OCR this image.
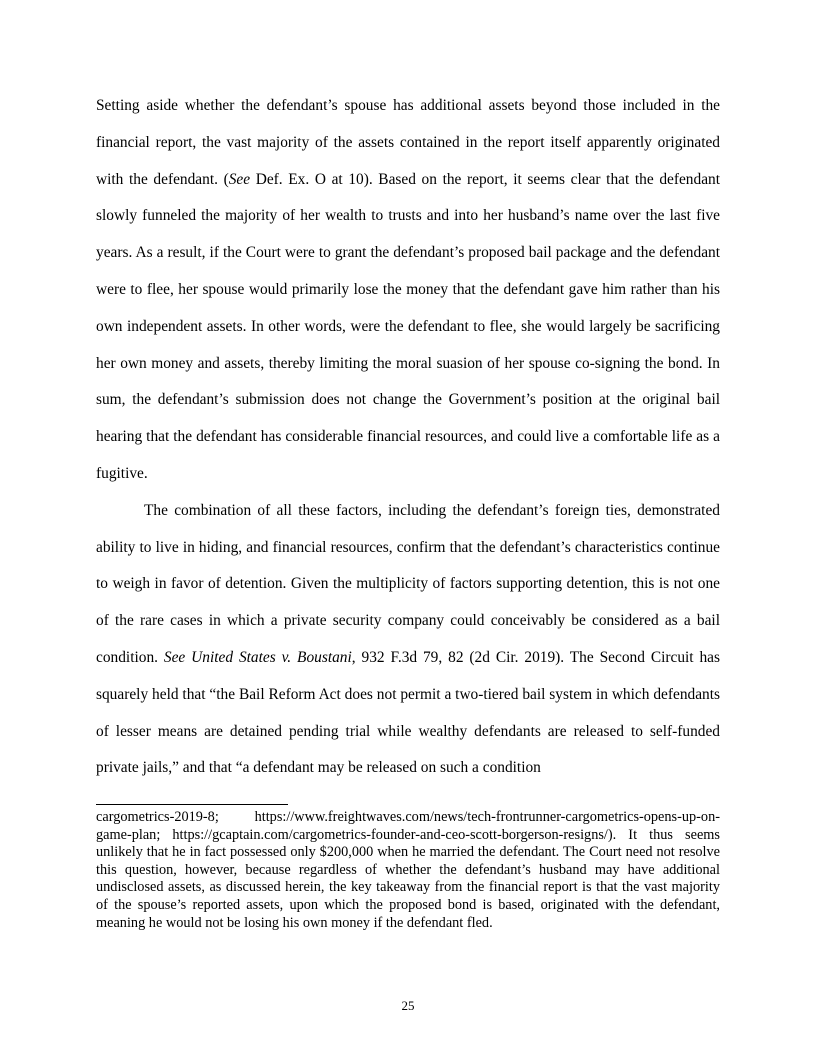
Setting aside whether the defendant’s spouse has additional assets beyond those included in the financial report, the vast majority of the assets contained in the report itself apparently originated with the defendant. (See Def. Ex. O at 10). Based on the report, it seems clear that the defendant slowly funneled the majority of her wealth to trusts and into her husband’s name over the last five years. As a result, if the Court were to grant the defendant’s proposed bail package and the defendant were to flee, her spouse would primarily lose the money that the defendant gave him rather than his own independent assets. In other words, were the defendant to flee, she would largely be sacrificing her own money and assets, thereby limiting the moral suasion of her spouse co-signing the bond. In sum, the defendant’s submission does not change the Government’s position at the original bail hearing that the defendant has considerable financial resources, and could live a comfortable life as a fugitive.

The combination of all these factors, including the defendant’s foreign ties, demonstrated ability to live in hiding, and financial resources, confirm that the defendant’s characteristics continue to weigh in favor of detention. Given the multiplicity of factors supporting detention, this is not one of the rare cases in which a private security company could conceivably be considered as a bail condition. See United States v. Boustani, 932 F.3d 79, 82 (2d Cir. 2019). The Second Circuit has squarely held that “the Bail Reform Act does not permit a two-tiered bail system in which defendants of lesser means are detained pending trial while wealthy defendants are released to self-funded private jails,” and that “a defendant may be released on such a condition

cargometrics-2019-8; https://www.freightwaves.com/news/tech-frontrunner-cargometrics-opens-up-on-game-plan; https://gcaptain.com/cargometrics-founder-and-ceo-scott-borgerson-resigns/). It thus seems unlikely that he in fact possessed only $200,000 when he married the defendant. The Court need not resolve this question, however, because regardless of whether the defendant’s husband may have additional undisclosed assets, as discussed herein, the key takeaway from the financial report is that the vast majority of the spouse’s reported assets, upon which the proposed bond is based, originated with the defendant, meaning he would not be losing his own money if the defendant fled.

25
